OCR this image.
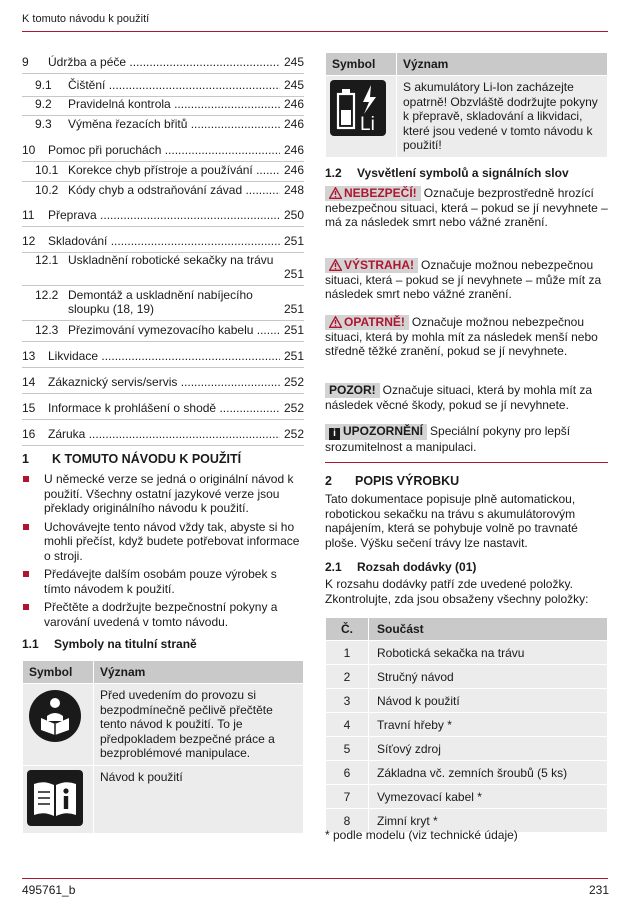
K tomuto návodu k použití
9 Údržba a péče .....	245
9.1 Čištění .....	245
9.2 Pravidelná kontrola .....	246
9.3 Výměna řezacích břitů .....	246
10 Pomoc při poruchách .....	246
10.1 Korekce chyb přístroje a používání .....	246
10.2 Kódy chyb a odstraňování závad .....	248
11 Přeprava .....	250
12 Skladování .....	251
12.1 Uskladnění robotické sekačky na trávu
251
12.2 Demontáž a uskladnění nabíjecího sloupku (18, 19)	251
12.3 Přezimování vymezovacího kabelu .....	251
13 Likvidace .....	251
14 Zákaznický servis/servis .....	252
15 Informace k prohlášení o shodě .....	252
16 Záruka .....	252
1 K TOMUTO NÁVODU K POUŽITÍ
U německé verze se jedná o originální návod k použití. Všechny ostatní jazykové verze jsou překlady originálního návodu k použití.
Uchovávejte tento návod vždy tak, abyste si ho mohli přečíst, když budete potřebovat informace o stroji.
Předávejte dalším osobám pouze výrobek s tímto návodem k použití.
Přečtěte a dodržujte bezpečnostní pokyny a varování uvedená v tomto návodu.
1.1 Symboly na titulní straně
Symbol	Význam
	Před uvedením do provozu si bezpodmínečně pečlivě přečtěte tento návod k použití. To je předpokladem bezpečné práce a bezproblémové manipulace.
	Návod k použití
Symbol	Význam

Li	S akumulátory Li-Ion zacházejte opatrně! Obzvláště dodržujte pokyny k přepravě, skladování a likvidaci, které jsou vedené v tomto návodu k použití!
1.2 Vysvětlení symbolů a signálních slov
NEBEZPEČÍ! Označuje bezprostředně hrozící nebezpečnou situaci, která – pokud se jí nevyhnete – má za následek smrt nebo vážné zranění.
VÝSTRAHA! Označuje možnou nebezpečnou situaci, která – pokud se jí nevyhnete – může mít za následek smrt nebo vážné zranění.
OPATRNĚ! Označuje možnou nebezpečnou situaci, která by mohla mít za následek menší nebo středně těžké zranění, pokud se jí nevyhnete.
POZOR! Označuje situaci, která by mohla mít za následek věcné škody, pokud se jí nevyhnete.
i UPOZORNĚNÍ Speciální pokyny pro lepší srozumitelnost a manipulaci.
2 POPIS VÝROBKU
Tato dokumentace popisuje plně automatickou, robotickou sekačku na trávu s akumulátorovým napájením, která se pohybuje volně po travnaté ploše. Výšku sečení trávy lze nastavit.
2.1 Rozsah dodávky (01)
K rozsahu dodávky patří zde uvedené položky. Zkontrolujte, zda jsou obsaženy všechny položky:
Č.	Součást
1	Robotická sekačka na trávu
2	Stručný návod
3	Návod k použití
4	Travní hřeby *
5	Síťový zdroj
6	Základna vč. zemních šroubů (5 ks)
7	Vymezovací kabel *
8	Zimní kryt *
* podle modelu (viz technické údaje)
495761_b	231
